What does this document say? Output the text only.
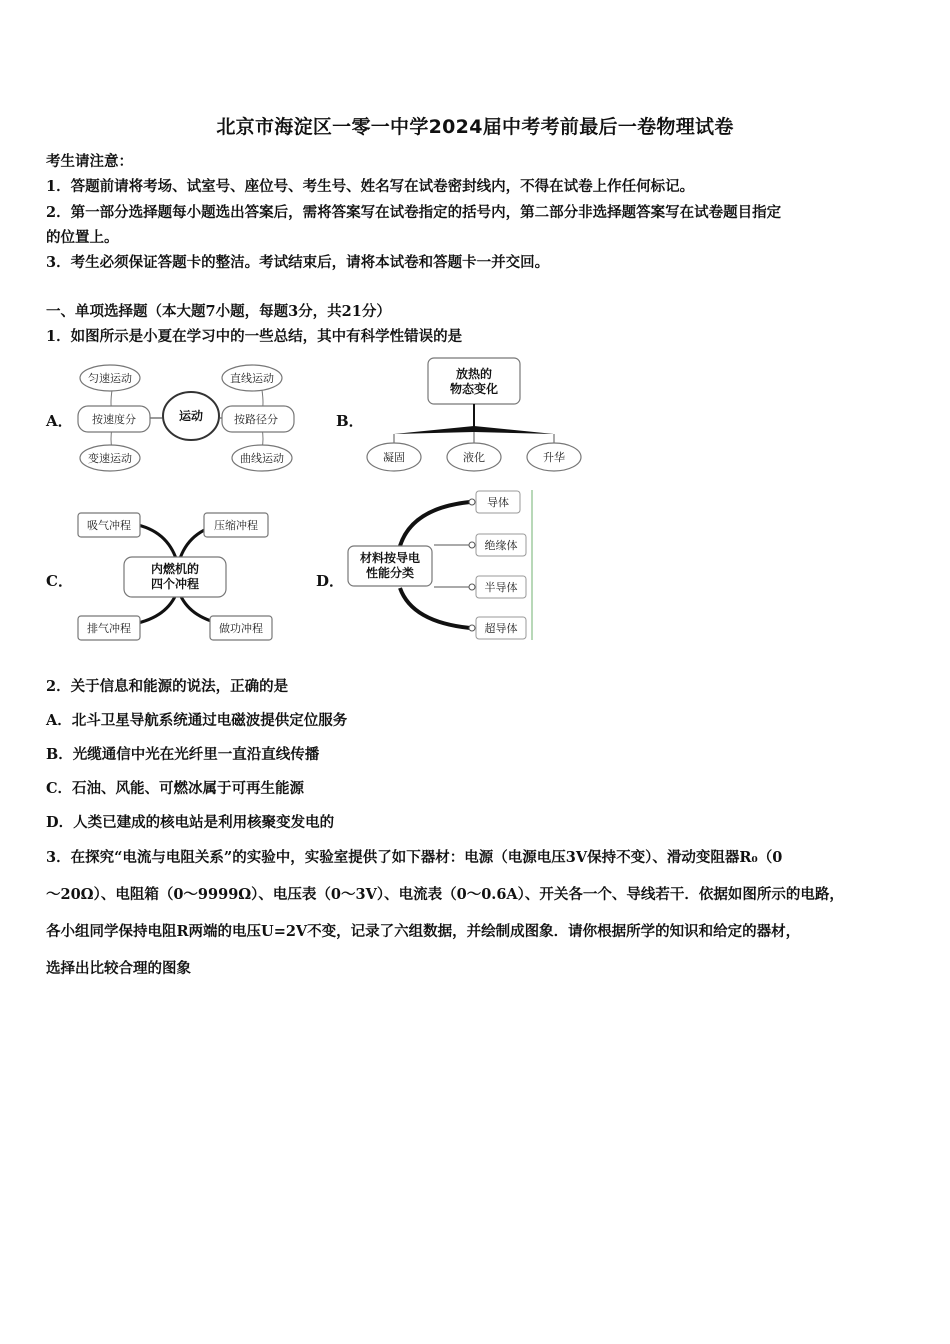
北京市海淀区一零一中学2024届中考考前最后一卷物理试卷
考生请注意：
1．答题前请将考场、试室号、座位号、考生号、姓名写在试卷密封线内，不得在试卷上作任何标记。
2．第一部分选择题每小题选出答案后，需将答案写在试卷指定的括号内，第二部分非选择题答案写在试卷题目指定
的位置上。
3．考生必须保证答题卡的整洁。考试结束后，请将本试卷和答题卡一并交回。
一、单项选择题（本大题7小题，每题3分，共21分）
1．如图所示是小夏在学习中的一些总结，其中有科学性错误的是
A．	B．
C．	D．
匀速运动
按速度分
变速运动
运动
直线运动
按路径分
曲线运动
放热的
物态变化
凝固	液化	升华
吸气冲程	压缩冲程
内燃机的
四个冲程
排气冲程	做功冲程
材料按导电
性能分类
导体
绝缘体
半导体
超导体
2．关于信息和能源的说法，正确的是
A．北斗卫星导航系统通过电磁波提供定位服务
B．光缆通信中光在光纤里一直沿直线传播
C．石油、风能、可燃冰属于可再生能源
D．人类已建成的核电站是利用核聚变发电的
3．在探究“电流与电阻关系”的实验中，实验室提供了如下器材：电源（电源电压3V保持不变）、滑动变阻器R₀（0
～20Ω）、电阻箱（0～9999Ω）、电压表（0～3V）、电流表（0～0.6A）、开关各一个、导线若干．依据如图所示的电路，
各小组同学保持电阻R两端的电压U=2V不变，记录了六组数据，并绘制成图象．请你根据所学的知识和给定的器材，
选择出比较合理的图象
